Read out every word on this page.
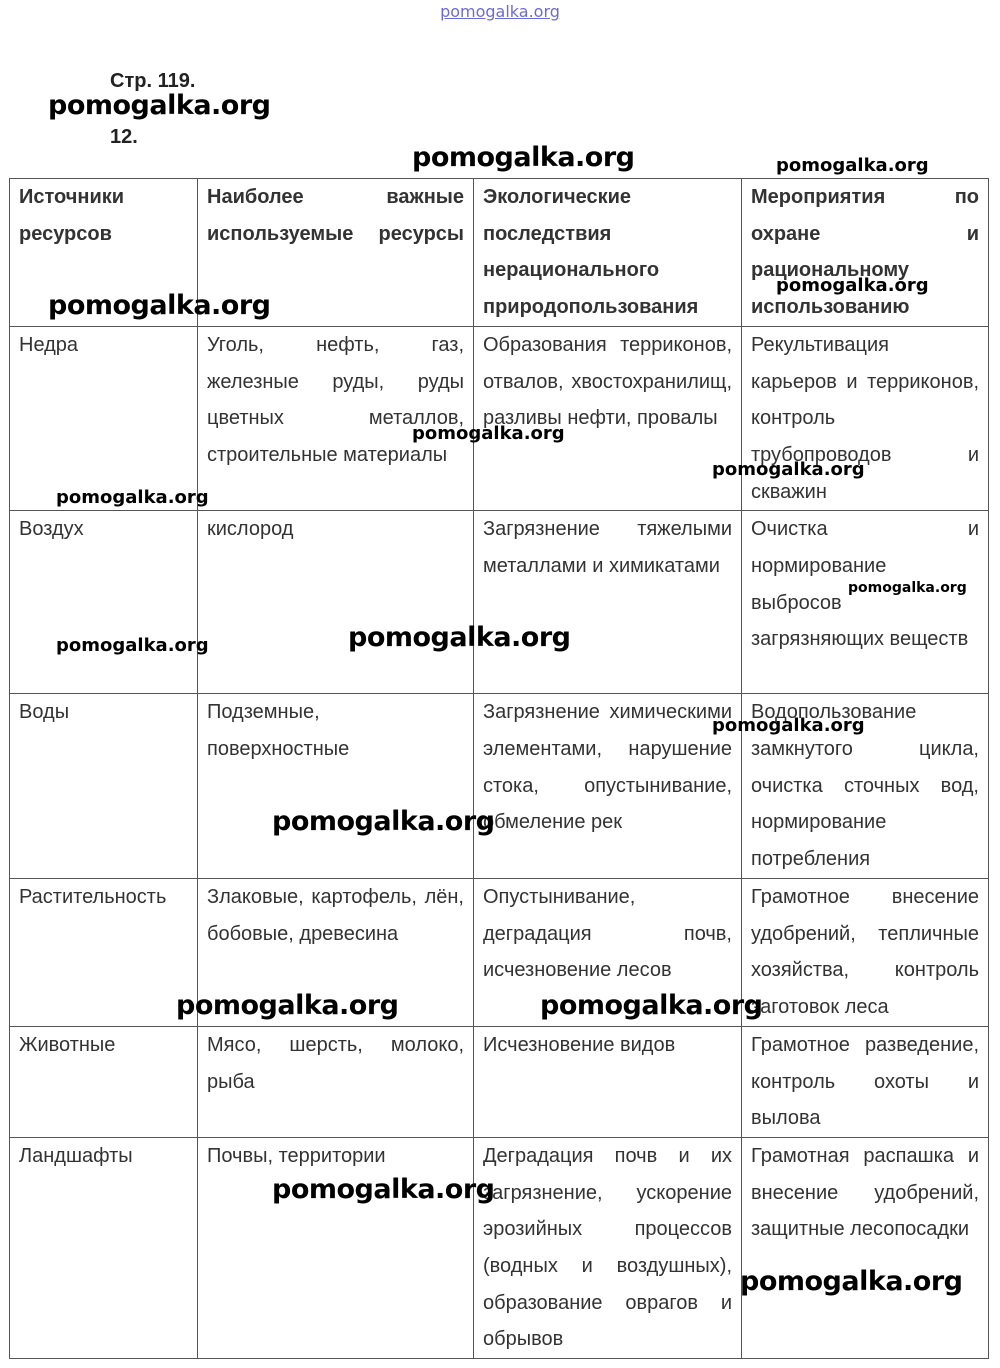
pomogalka.org
Стр. 119.
12.
Источники ресурсов	Наиболее важные используемые ресурсы	Экологические последствия нерационального природопользования	Мероприятия по охране и рациональному использованию

Недра	Уголь, нефть, газ, железные руды, руды цветных металлов, строительные материалы	Образования терриконов, отвалов, хвостохранилищ, разливы нефти, провалы	Рекультивация карьеров и терриконов, контроль трубопроводов и скважин
Воздух	кислород	Загрязнение тяжелыми металлами и химикатами	Очистка и нормирование выбросов загрязняющих веществ
Воды	Подземные, поверхностные	Загрязнение химическими элементами, нарушение стока, опустынивание, обмеление рек	Водопользование замкнутого цикла, очистка сточных вод, нормирование потребления
Растительность	Злаковые, картофель, лён, бобовые, древесина	Опустынивание, деградация почв, исчезновение лесов	Грамотное внесение удобрений, тепличные хозяйства, контроль заготовок леса
Животные	Мясо, шерсть, молоко, рыба	Исчезновение видов	Грамотное разведение, контроль охоты и вылова
Ландшафты	Почвы, территории	Деградация почв и их загрязнение, ускорение эрозийных процессов (водных и воздушных), образование оврагов и обрывов	Грамотная распашка и внесение удобрений, защитные лесопосадки
pomogalka.org
pomogalka.org	pomogalka.org
pomogalka.org
pomogalka.org
pomogalka.org
pomogalka.org
pomogalka.org
pomogalka.org
pomogalka.org
pomogalka.org
pomogalka.org
pomogalka.org
pomogalka.org	pomogalka.org
pomogalka.org
pomogalka.org
